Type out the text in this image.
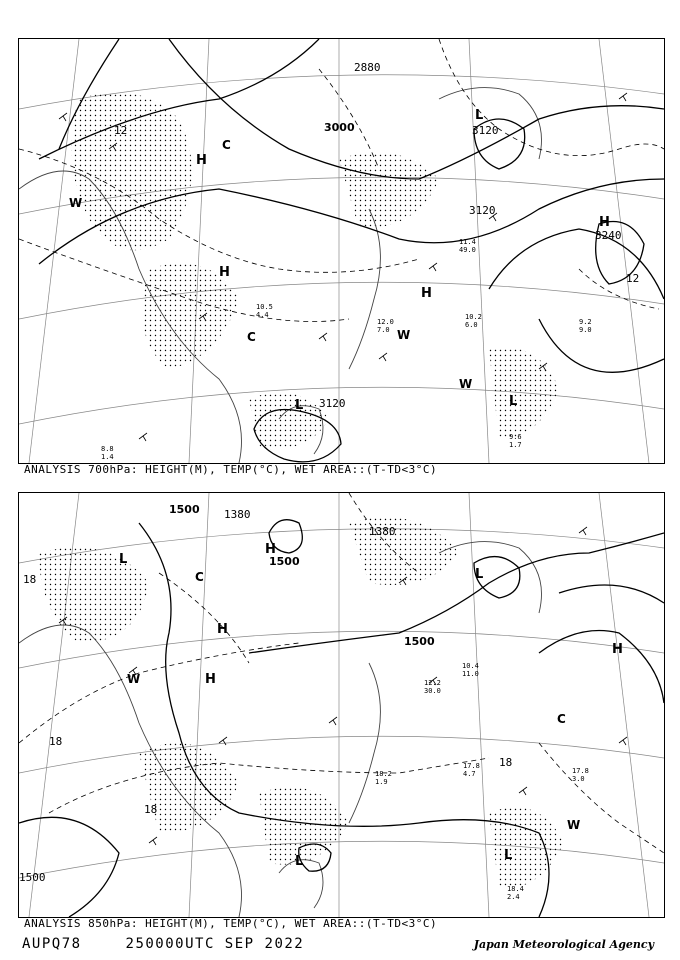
3000
2880
3120
3240
3120
3120
12
12
L
L	L
H
H
H
H
C
C
W
W
W
9.6
1.7
10.2
6.0	9.2
9.0
11.4
49.0
12.0
7.0
10.5
4.4
8.8
1.4
ANALYSIS 700hPa: HEIGHT(M), TEMP(°C), WET AREA::(T-TD<3°C)
1500
1500
1500
1500
1380
1380
18
18
18
18
L
L
L	L
H
H
H
H
C
C
W
W
18.4
2.4
17.8
3.0
17.8
4.7
10.4
11.0
12.2
30.0
18.2
1.9
ANALYSIS 850hPa: HEIGHT(M), TEMP(°C), WET AREA::(T-TD<3°C)
AUPQ78	250000UTC SEP 2022	Japan Meteorological Agency
